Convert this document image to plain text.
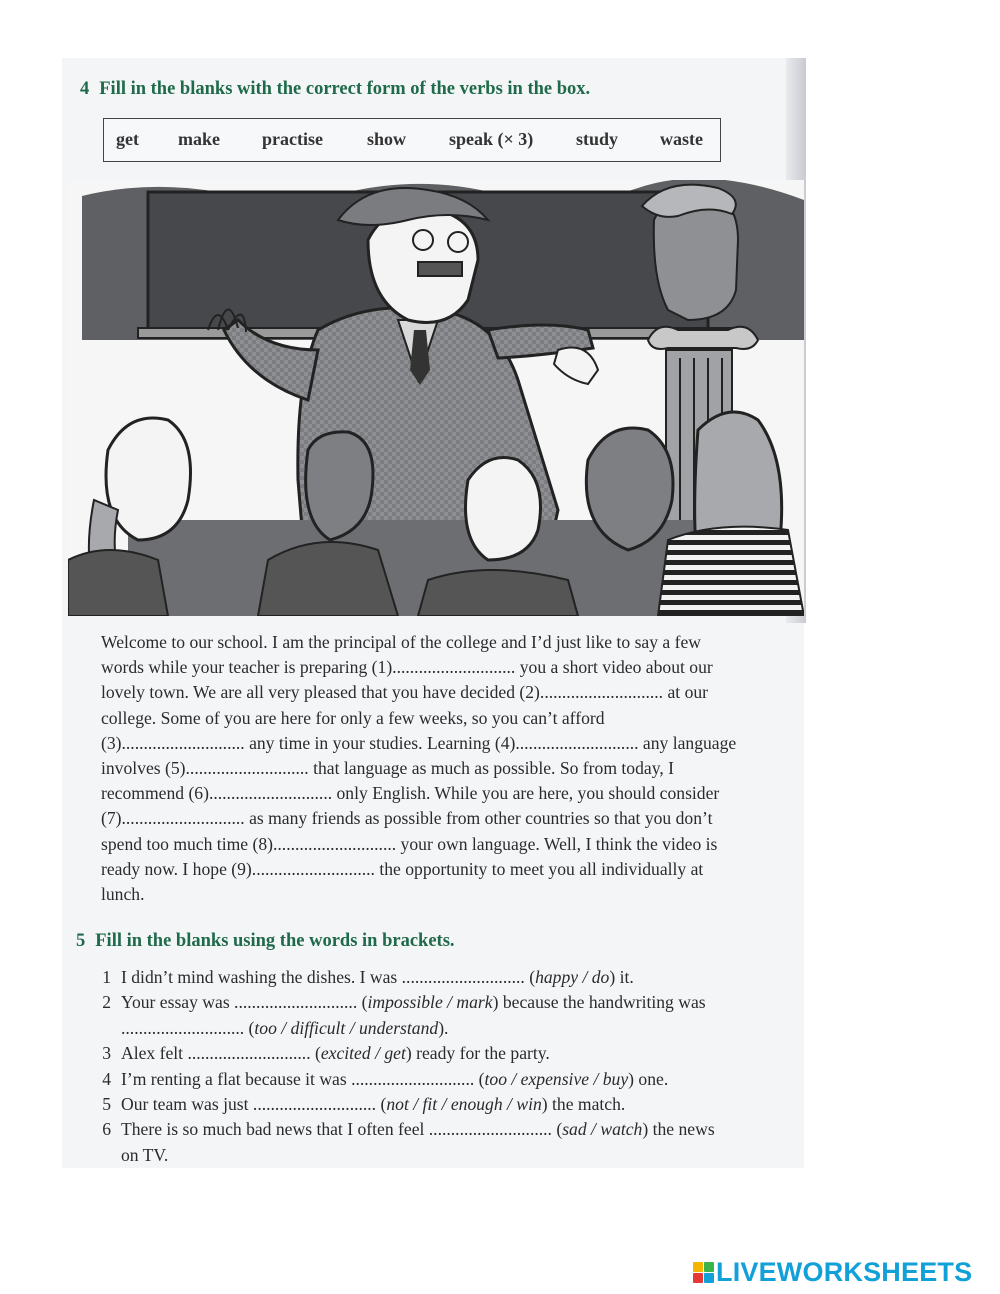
4 Fill in the blanks with the correct form of the verbs in the box.
get make practise show speak (× 3) study waste
Welcome to our school. I am the principal of the college and I’d just like to say a few
words while your teacher is preparing (1)............................ you a short video about our
lovely town. We are all very pleased that you have decided (2)............................ at our
college. Some of you are here for only a few weeks, so you can’t afford
(3)............................ any time in your studies. Learning (4)............................ any language
involves (5)............................ that language as much as possible. So from today, I
recommend (6)............................ only English. While you are here, you should consider
(7)............................ as many friends as possible from other countries so that you don’t
spend too much time (8)............................ your own language. Well, I think the video is
ready now. I hope (9)............................ the opportunity to meet you all individually at
lunch.
5 Fill in the blanks using the words in brackets.
1 I didn’t mind washing the dishes. I was ............................ (happy / do) it.
2 Your essay was ............................ (impossible / mark) because the handwriting was
............................ (too / difficult / understand).
3 Alex felt ............................ (excited / get) ready for the party.
4 I’m renting a flat because it was ............................ (too / expensive / buy) one.
5 Our team was just ............................ (not / fit / enough / win) the match.
6 There is so much bad news that I often feel ............................ (sad / watch) the news
on TV.
LIVEWORKSHEETS
